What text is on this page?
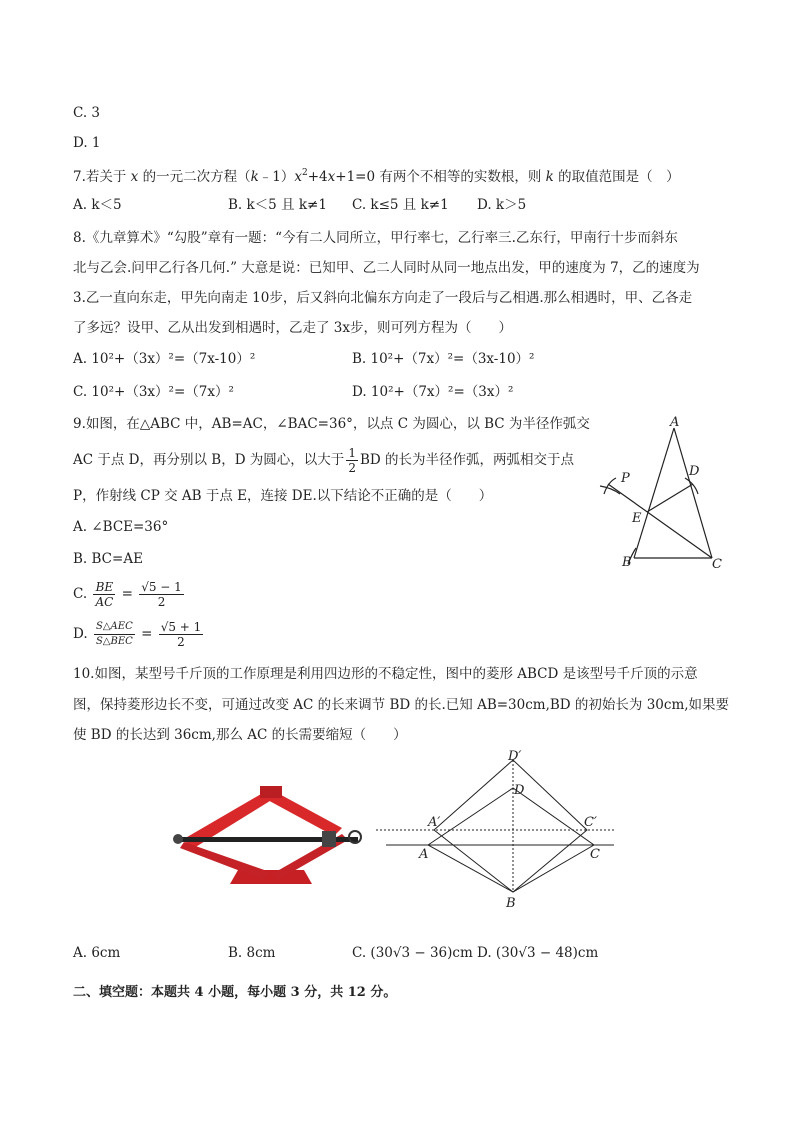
C. 3
D. 1
7.若关于 x 的一元二次方程$(k﹣1)x^2+4x+1=0$ 有两个不相等的实数根，则 k 的取值范围是（　）
A. k＜5	B. k＜5 且 k≠1 C. k≤5 且 k≠1 D. k＞5
8.《九章算术》“勾股”章有一题：“今有二人同所立，甲行率七，乙行率三.乙东行，甲南行十步而斜东
北与乙会.问甲乙行各几何.” 大意是说：已知甲、乙二人同时从同一地点出发，甲的速度为 7，乙的速度为
3.乙一直向东走，甲先向南走 10步，后又斜向北偏东方向走了一段后与乙相遇.那么相遇时，甲、乙各走
了多远？设甲、乙从出发到相遇时，乙走了 3x步，则可列方程为（　　）
A. 10²+（3x）²=（7x-10）²	B. 10²+（7x）²=（3x-10）²
C. 10²+（3x）²=（7x）²	D. 10²+（7x）²=（3x）²
9.如图，在△ABC 中，AB=AC，∠BAC=36°，以点 C 为圆心，以 BC 为半径作弧交
AC 于点 D，再分别以 B，D 为圆心，以大于 $\frac{1}{2}$ BD 的长为半径作弧，两弧相交于点
P，作射线 CP 交 AB 于点 E，连接 DE.以下结论不正确的是（　　）
A. ∠BCE=36°
B. BC=AE
C. $\frac{BE}{AC} = \frac{√5 - 1}{2}$
D. $\frac{\text{S△AEC}}{\text{S△BEC}} = \frac{√5 + 1}{2}$
A
D
P
E
B	C
10.如图，某型号千斤顶的工作原理是利用四边形的不稳定性，图中的菱形 ABCD 是该型号千斤顶的示意
图，保持菱形边长不变，可通过改变 AC 的长来调节 BD 的长.已知 AB=30cm,BD 的初始长为 30cm,如果要
使 BD 的长达到 36cm,那么 AC 的长需要缩短（　　）
D′
D
A′	C′
A	C
B
A. 6cm	B. 8cm	C. (30√3 − 36)cm D. (30√3 − 48)cm
二、填空题：本题共 4 小题，每小题 3 分，共 12 分。
